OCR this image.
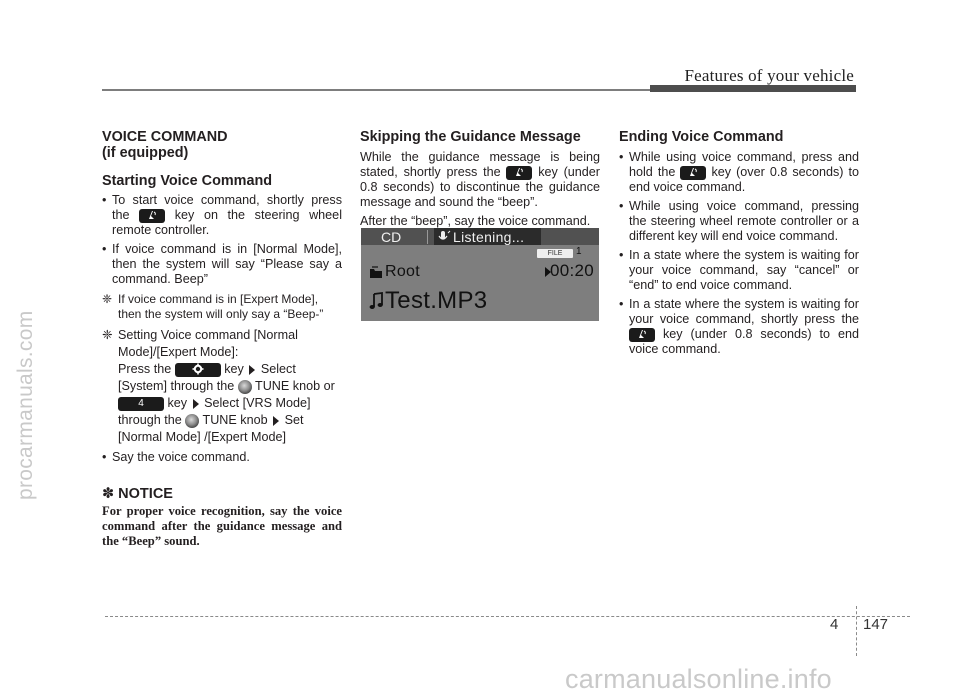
Features of your vehicle
procarmanuals.com
carmanualsonline.info
VOICE COMMAND
(if equipped)
Starting Voice Command
• To start voice command, shortly press the	key on the steering wheel remote controller.
• If voice command is in [Normal Mode], then the system will say “Please say a command. Beep”
❈ If voice command is in [Expert Mode], then the system will only say a “Beep-”
❈ Setting Voice command [Normal Mode]/[Expert Mode]:
Press the	key Select [System] through the TUNE knob or 4 key Select [VRS Mode] through the TUNE knob Set [Normal Mode] /[Expert Mode]
• Say the voice command.
✽ NOTICE
For proper voice recognition, say the voice command after the guidance message and the “Beep” sound.
Skipping the Guidance Message
While the guidance message is being stated, shortly press the	key (under 0.8 seconds) to discontinue the guidance message and sound the “beep”.
After the “beep”, say the voice command.
CD	Listening...
FILE	1
Root	00:20
Test.MP3
Ending Voice Command
• While using voice command, press and hold the	key (over 0.8 seconds) to end voice command.
• While using voice command, pressing the steering wheel remote controller or a different key will end voice command.
• In a state where the system is waiting for your voice command, say “cancel” or “end” to end voice command.
• In a state where the system is waiting for your voice command, shortly press the
key (under 0.8 seconds) to end voice command.
4 147
